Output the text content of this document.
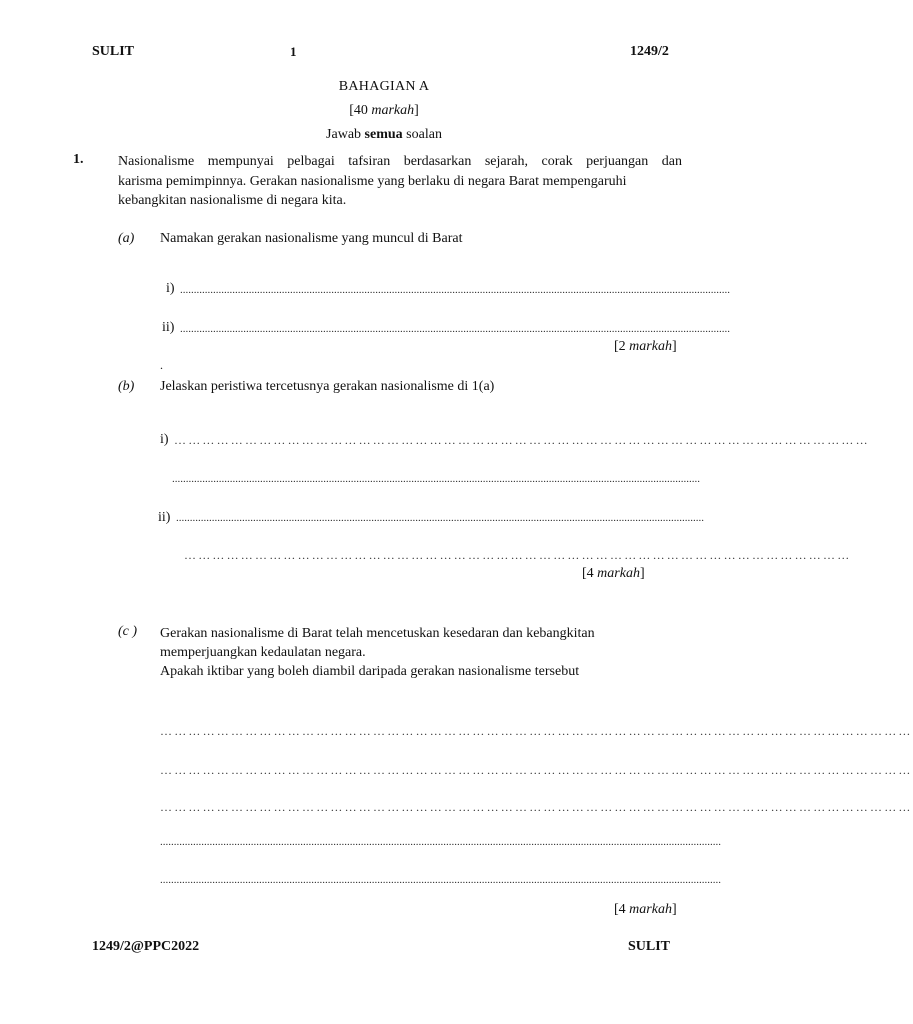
SULIT	1	1249/2
BAHAGIAN A
[40 markah]
Jawab semua soalan
1. Nasionalisme mempunyai pelbagai tafsiran berdasarkan sejarah, corak perjuangan dan
karisma pemimpinnya. Gerakan nasionalisme yang berlaku di negara Barat mempengaruhi
kebangkitan nasionalisme di negara kita.
(a) Namakan gerakan nasionalisme yang muncul di Barat
i) ........................................................................................................................................................................................................
ii) ........................................................................................................................................................................................................
[2 markah]
.
(b) Jelaskan peristiwa tercetusnya gerakan nasionalisme di 1(a)
i) …………………………………………………………………………………………………………………………………
................................................................................................................................................................................................
ii) ................................................................................................................................................................................................
……………………………………………………………………………………………………………………………
[4 markah]
(c ) Gerakan nasionalisme di Barat telah mencetuskan kesedaran dan kebangkitan
memperjuangkan kedaulatan negara.
Apakah iktibar yang boleh diambil daripada gerakan nasionalisme tersebut
……………………………………………………………………………………………………………………………………………
……………………………………………………………………………………………………………………………………………
……………………………………………………………………………………………………………………………………………
............................................................................................................................................................................................................
............................................................................................................................................................................................................
[4 markah]
1249/2@PPC2022	SULIT
